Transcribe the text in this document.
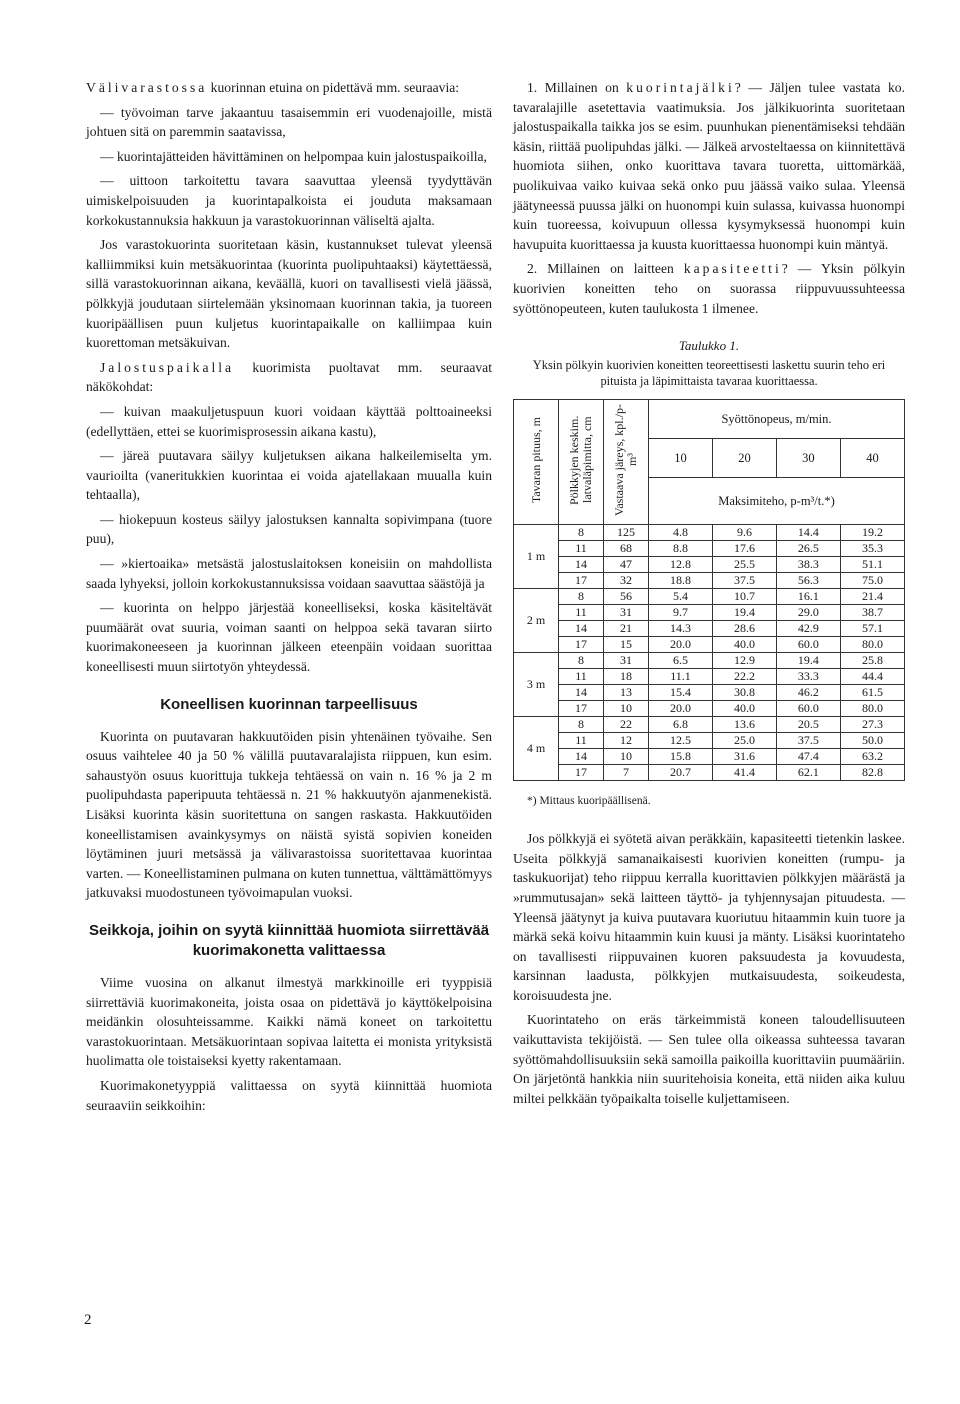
Välivarastossa kuorinnan etuina on pidettävä mm. seuraavia:

— työvoiman tarve jakaantuu tasaisemmin eri vuodenajoille, mistä johtuen sitä on paremmin saatavissa,

— kuorintajätteiden hävittäminen on helpompaa kuin jalostuspaikoilla,

— uittoon tarkoitettu tavara saavuttaa yleensä tyydyttävän uimiskelpoisuuden ja kuorintapalkoista ei jouduta maksamaan korkokustannuksia hakkuun ja varastokuorinnan väliseltä ajalta.

Jos varastokuorinta suoritetaan käsin, kustannukset tulevat yleensä kalliimmiksi kuin metsäkuorintaa (kuorinta puolipuhtaaksi) käytettäessä, sillä varastokuorinnan aikana, keväällä, kuori on tavallisesti vielä jäässä, pölkkyjä joudutaan siirtelemään yksinomaan kuorinnan takia, ja tuoreen kuoripäällisen puun kuljetus kuorintapaikalle on kalliimpaa kuin kuorettoman metsäkuivan.

Jalostuspaikalla kuorimista puoltavat mm. seuraavat näkökohdat:

— kuivan maakuljetuspuun kuori voidaan käyttää polttoaineeksi (edellyttäen, ettei se kuorimisprosessin aikana kastu),

— järeä puutavara säilyy kuljetuksen aikana halkeilemiselta ym. vaurioilta (vaneritukkien kuorintaa ei voida ajatellakaan muualla kuin tehtaalla),

— hiokepuun kosteus säilyy jalostuksen kannalta sopivimpana (tuore puu),

— »kiertoaika» metsästä jalostuslaitoksen koneisiin on mahdollista saada lyhyeksi, jolloin korkokustannuksissa voidaan saavuttaa säästöjä ja

— kuorinta on helppo järjestää koneelliseksi, koska käsiteltävät puumäärät ovat suuria, voiman saanti on helppoa sekä tavaran siirto kuorimakoneeseen ja kuorinnan jälkeen eteenpäin voidaan suorittaa koneellisesti muun siirtotyön yhteydessä.

Koneellisen kuorinnan tarpeellisuus

Kuorinta on puutavaran hakkuutöiden pisin yhtenäinen työvaihe. Sen osuus vaihtelee 40 ja 50 % välillä puutavaralajista riippuen, kun esim. sahaustyön osuus kuorittuja tukkeja tehtäessä on vain n. 16 % ja 2 m puolipuhdasta paperipuuta tehtäessä n. 21 % hakkuutyön ajanmenekistä. Lisäksi kuorinta käsin suoritettuna on sangen raskasta. Hakkuutöiden koneellistamisen avainkysymys on näistä syistä sopivien koneiden löytäminen juuri metsässä ja välivarastoissa suoritettavaa kuorintaa varten. — Koneellistaminen pulmana on kuten tunnettua, välttämättömyys jatkuvaksi muodostuneen työvoimapulan vuoksi.

Seikkoja, joihin on syytä kiinnittää huomiota siirrettävää kuorimakonetta valittaessa

Viime vuosina on alkanut ilmestyä markkinoille eri tyyppisiä siirrettäviä kuorimakoneita, joista osaa on pidettävä jo käyttökelpoisina meidänkin olosuhteissamme. Kaikki nämä koneet on tarkoitettu varastokuorintaan. Metsäkuorintaan sopivaa laitetta ei monista yrityksistä huolimatta ole toistaiseksi kyetty rakentamaan.

Kuorimakonetyyppiä valittaessa on syytä kiinnittää huomiota seuraaviin seikkoihin:

1. Millainen on kuorintajälki? — Jäljen tulee vastata ko. tavaralajille asetettavia vaatimuksia. Jos jälkikuorinta suoritetaan jalostuspaikalla taikka jos se esim. puunhukan pienentämiseksi tehdään käsin, riittää puolipuhdas jälki. — Jälkeä arvosteltaessa on kiinnitettävä huomiota siihen, onko kuorittava tavara tuoretta, uittomärkää, puolikuivaa vaiko kuivaa sekä onko puu jäässä vaiko sulaa. Yleensä jäätyneessä puussa jälki on huonompi kuin sulassa, kuivassa huonompi kuin tuoreessa, koivupuun ollessa kysymyksessä huonompi kuin havupuita kuorittaessa ja kuusta kuorittaessa huonompi kuin mäntyä.

2. Millainen on laitteen kapasiteetti? — Yksin pölkyin kuorivien koneitten teho on suorassa riippuvuussuhteessa syöttönopeuteen, kuten taulukosta 1 ilmenee.

Taulukko 1.
Yksin pölkyin kuorivien koneitten teoreettisesti laskettu suurin teho eri pituista ja läpimittaista tavaraa kuorittaessa.
Tavaran pituus, m	Pölkkyjen keskim. latvaläpimitta, cm	Vastaava järeys, kpl./p-m³	Syöttönopeus, m/min.			
			10	20	30	40
			Maksimiteho, p-m³/t.*)			
1 m	8	125	4.8	9.6	14.4	19.2
	11	68	8.8	17.6	26.5	35.3
	14	47	12.8	25.5	38.3	51.1
	17	32	18.8	37.5	56.3	75.0
2 m	8	56	5.4	10.7	16.1	21.4
	11	31	9.7	19.4	29.0	38.7
	14	21	14.3	28.6	42.9	57.1
	17	15	20.0	40.0	60.0	80.0
3 m	8	31	6.5	12.9	19.4	25.8
	11	18	11.1	22.2	33.3	44.4
	14	13	15.4	30.8	46.2	61.5
	17	10	20.0	40.0	60.0	80.0
4 m	8	22	6.8	13.6	20.5	27.3
	11	12	12.5	25.0	37.5	50.0
	14	10	15.8	31.6	47.4	63.2
	17	7	20.7	41.4	62.1	82.8
*) Mittaus kuoripäällisenä.

Jos pölkkyjä ei syötetä aivan peräkkäin, kapasiteetti tietenkin laskee. Useita pölkkyjä samanaikaisesti kuorivien koneitten (rumpu- ja taskukuorijat) teho riippuu kerralla kuorittavien pölkkyjen määrästä ja »rummutusajan» sekä laitteen täyttö- ja tyhjennysajan pituudesta. — Yleensä jäätynyt ja kuiva puutavara kuoriutuu hitaammin kuin tuore ja märkä sekä koivu hitaammin kuin kuusi ja mänty. Lisäksi kuorintateho on tavallisesti riippuvainen kuoren paksuudesta ja kovuudesta, karsinnan laadusta, pölkkyjen mutkaisuudesta, soikeudesta, koroisuudesta jne.

Kuorintateho on eräs tärkeimmistä koneen taloudellisuuteen vaikuttavista tekijöistä. — Sen tulee olla oikeassa suhteessa tavaran syöttömahdollisuuksiin sekä samoilla paikoilla kuorittaviin puumääriin. On järjetöntä hankkia niin suuritehoisia koneita, että niiden aika kuluu miltei pelkkään työpaikalta toiselle kuljettamiseen.

2
